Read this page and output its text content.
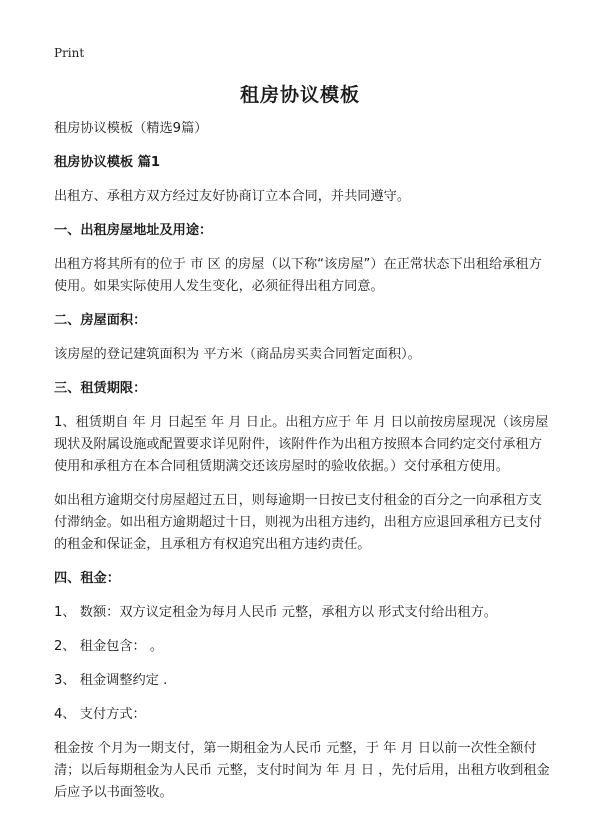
Print
租房协议模板

租房协议模板（精选9篇）

租房协议模板 篇1

出租方、承租方双方经过友好协商订立本合同，并共同遵守。

一、出租房屋地址及用途：

出租方将其所有的位于 市 区 的房屋（以下称“该房屋”）在正常状态下出租给承租方 使用。如果实际使用人发生变化，必须征得出租方同意。

二、房屋面积：

该房屋的登记建筑面积为 平方米（商品房买卖合同暂定面积）。

三、租赁期限：

1、租赁期自 年 月 日起至 年 月 日止。出租方应于 年 月 日以前按房屋现况（该房屋现状及附属设施或配置要求详见附件，该附件作为出租方按照本合同约定交付承租方使用和承租方在本合同租赁期满交还该房屋时的验收依据。）交付承租方使用。

如出租方逾期交付房屋超过五日，则每逾期一日按已支付租金的百分之一向承租方支付滞纳金。如出租方逾期超过十日，则视为出租方违约，出租方应退回承租方已支付的租金和保证金，且承租方有权追究出租方违约责任。

四、租金：

1、 数额：双方议定租金为每月人民币 元整，承租方以 形式支付给出租方。

2、 租金包含： 。

3、 租金调整约定 .

4、 支付方式：

租金按 个月为一期支付，第一期租金为人民币 元整，于 年 月 日以前一次性全额付清；以后每期租金为人民币 元整，支付时间为 年 月 日 ，先付后用，出租方收到租金后应予以书面签收。
